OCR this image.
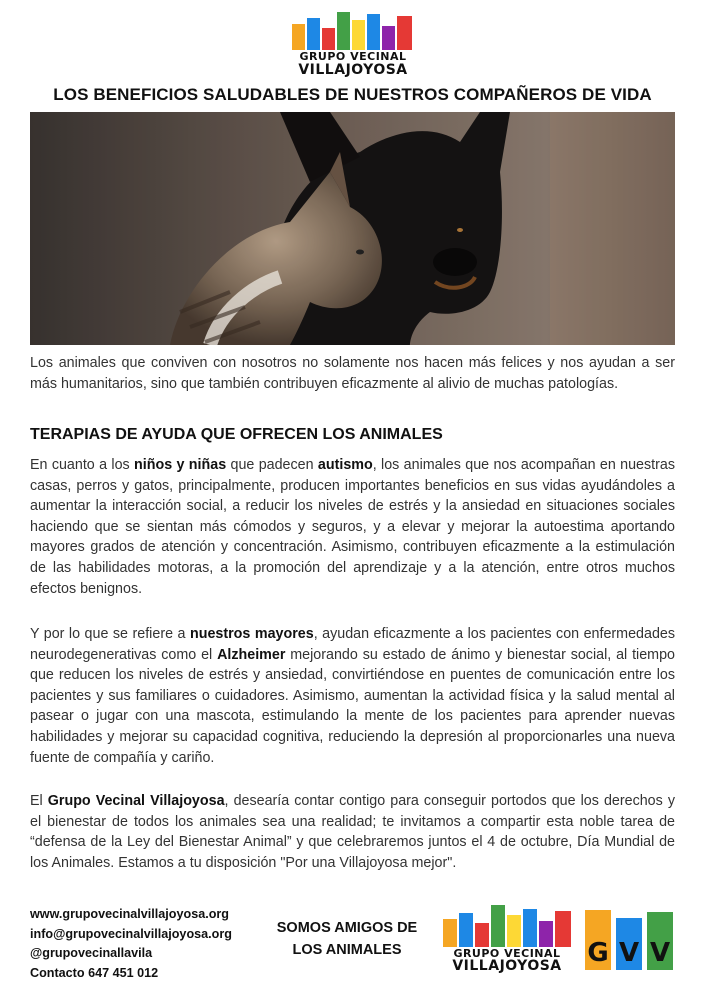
GRUPO VECINAL
VILLAJOYOSA
LOS BENEFICIOS SALUDABLES DE NUESTROS COMPAÑEROS DE VIDA

Los animales que conviven con nosotros no solamente nos hacen más felices y nos ayudan a ser más humanitarios, sino que también contribuyen eficazmente al alivio de muchas patologías.

TERAPIAS DE AYUDA QUE OFRECEN LOS ANIMALES

En cuanto a los niños y niñas que padecen autismo, los animales que nos acompañan en nuestras casas, perros y gatos, principalmente, producen importantes beneficios en sus vidas ayudándoles a aumentar la interacción social, a reducir los niveles de estrés y la ansiedad en situaciones sociales haciendo que se sientan más cómodos y seguros, y a elevar y mejorar la autoestima aportando mayores grados de atención y concentración. Asimismo, contribuyen eficazmente a la estimulación de las habilidades motoras, a la promoción del aprendizaje y a la atención, entre otros muchos efectos benignos.

Y por lo que se refiere a nuestros mayores, ayudan eficazmente a los pacientes con enfermedades neurodegenerativas como el Alzheimer mejorando su estado de ánimo y bienestar social, al tiempo que reducen los niveles de estrés y ansiedad, convirtiéndose en puentes de comunicación entre los pacientes y sus familiares o cuidadores. Asimismo, aumentan la actividad física y la salud mental al pasear o jugar con una mascota, estimulando la mente de los pacientes para aprender nuevas habilidades y mejorar su capacidad cognitiva, reduciendo la depresión al proporcionarles una nueva fuente de compañía y cariño.

El Grupo Vecinal Villajoyosa, desearía contar contigo para conseguir portodos que los derechos y el bienestar de todos los animales sea una realidad; te invitamos a compartir esta noble tarea de “defensa de la Ley del Bienestar Animal” y que celebraremos juntos el 4 de octubre, Día Mundial de los Animales. Estamos a tu disposición "Por una Villajoyosa mejor".

www.grupovecinalvillajoyosa.org
info@grupovecinalvillajoyosa.org
@grupovecinallavila
Contacto 647 451 012
SOMOS AMIGOS DE
LOS ANIMALES	GRUPO VECINAL
VILLAJOYOSA G V V
